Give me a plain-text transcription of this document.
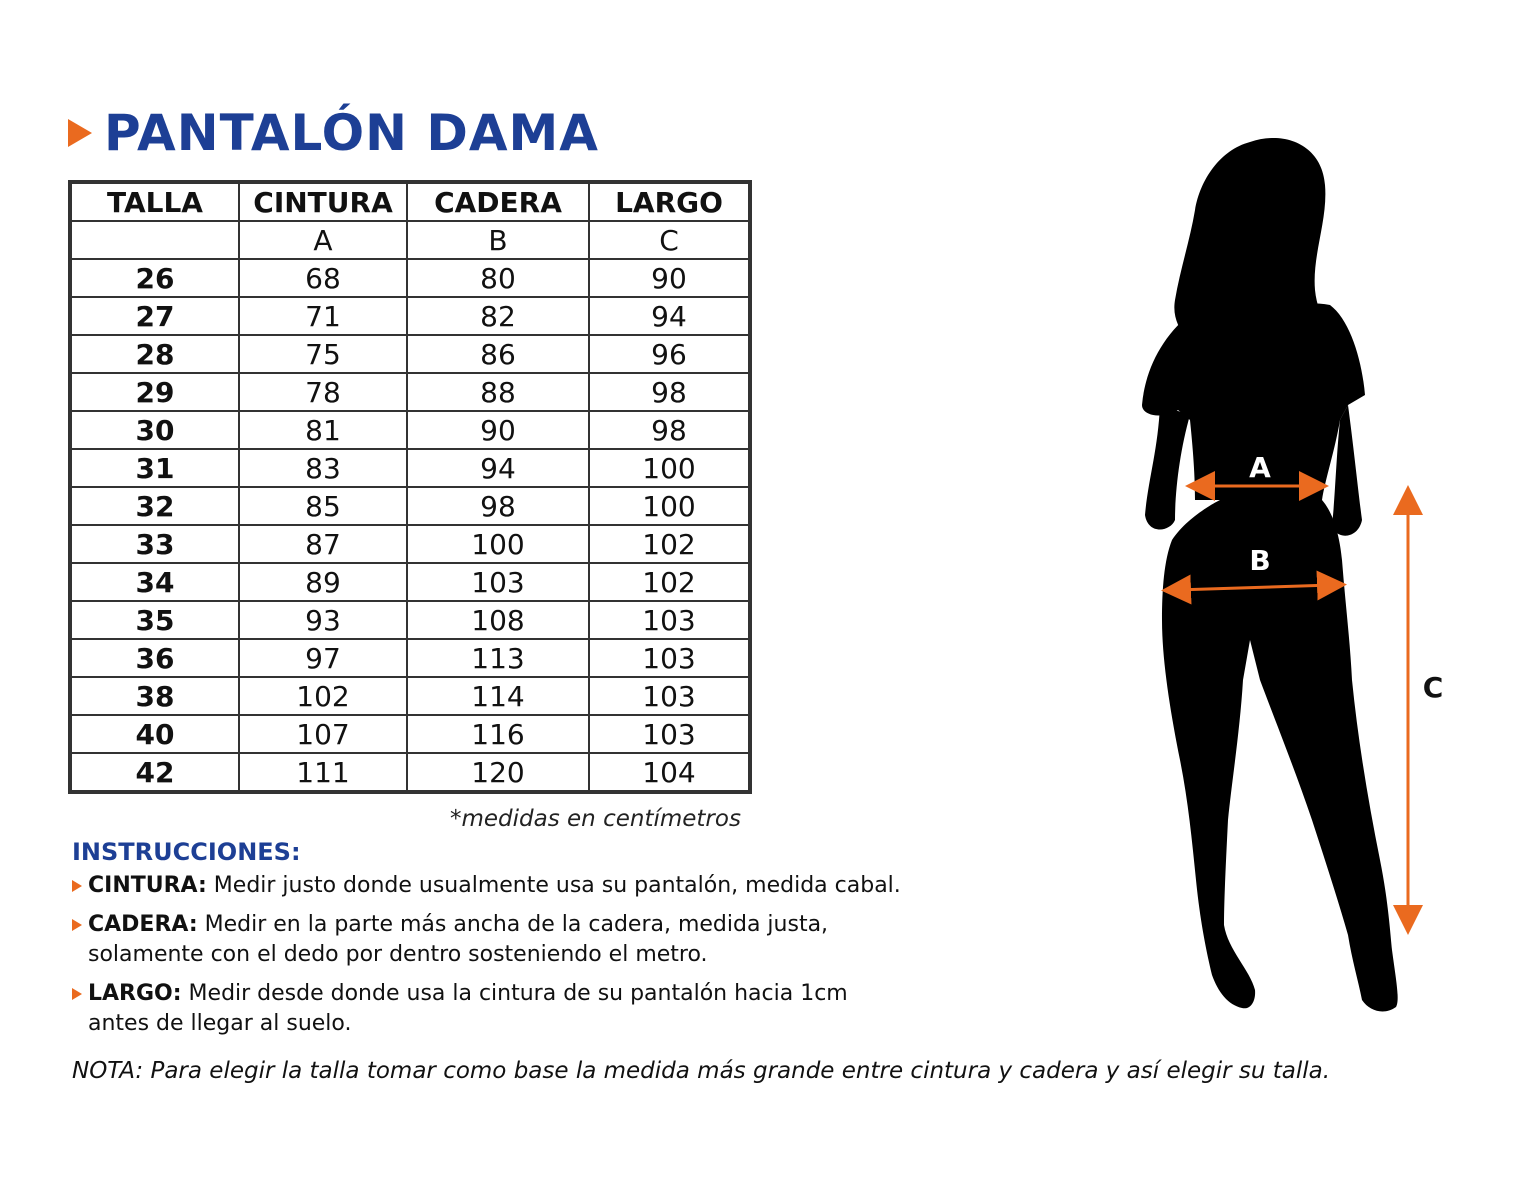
PANTALÓN DAMA
TALLA	CINTURA	CADERA	LARGO
	A	B	C
26	68	80	90
27	71	82	94
28	75	86	96
29	78	88	98
30	81	90	98
31	83	94	100
32	85	98	100
33	87	100	102
34	89	103	102
35	93	108	103
36	97	113	103
38	102	114	103
40	107	116	103
42	111	120	104
*medidas en centímetros
INSTRUCCIONES:
CINTURA: Medir justo donde usualmente usa su pantalón, medida cabal.
CADERA: Medir en la parte más ancha de la cadera, medida justa,
solamente con el dedo por dentro sosteniendo el metro.
LARGO: Medir desde donde usa la cintura de su pantalón hacia 1cm
antes de llegar al suelo.
NOTA: Para elegir la talla tomar como base la medida más grande entre cintura y cadera y así elegir su talla.
A
B
C
